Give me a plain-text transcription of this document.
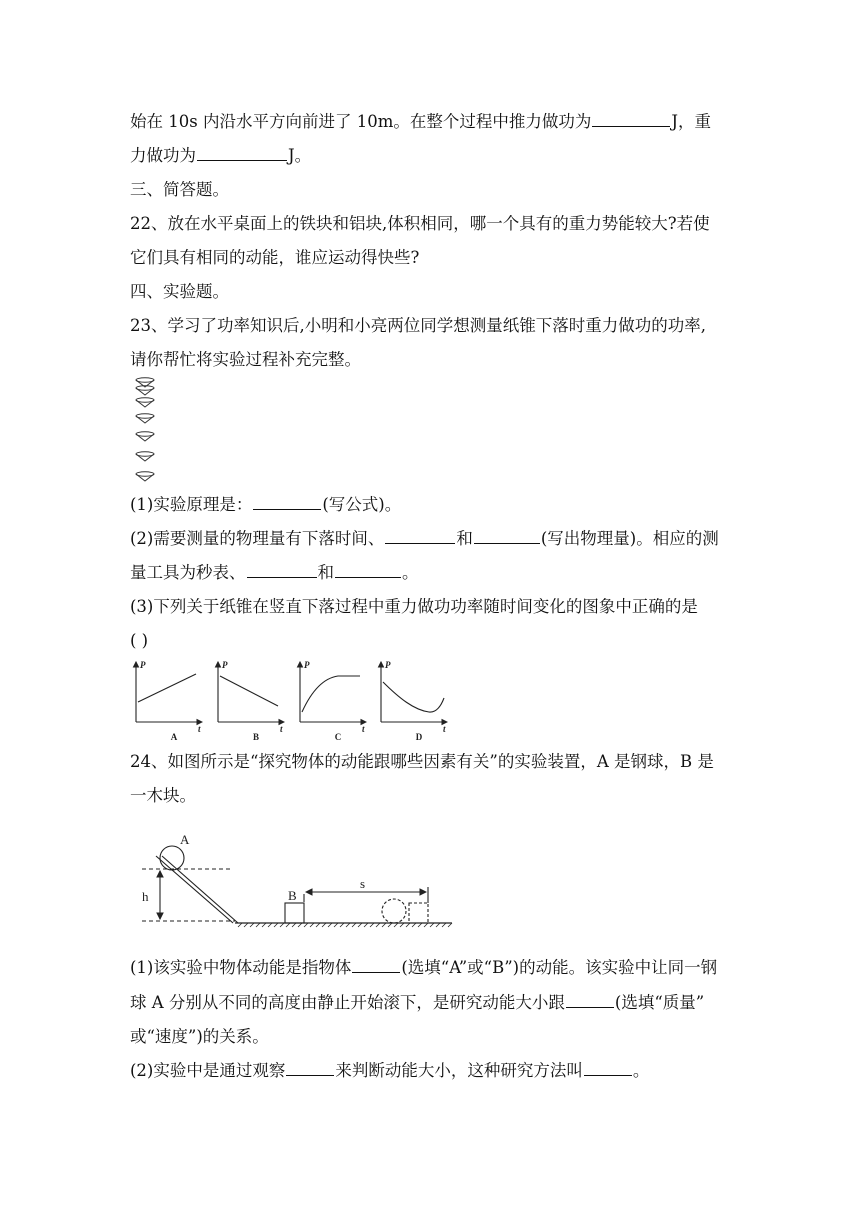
始在 10s 内沿水平方向前进了 10m。在整个过程中推力做功为	J，重
力做功为	J。
三、简答题。
22、放在水平桌面上的铁块和铝块,体积相同，哪一个具有的重力势能较大?若使
它们具有相同的动能，谁应运动得快些?
四、实验题。
23、学习了功率知识后,小明和小亮两位同学想测量纸锥下落时重力做功的功率,
请你帮忙将实验过程补充完整。
(1)实验原理是：	(写公式)。
(2)需要测量的物理量有下落时间、	和	(写出物理量)。相应的测
量工具为秒表、	和	。
(3)下列关于纸锥在竖直下落过程中重力做功功率随时间变化的图象中正确的是
( )
P
t
P
t
P
t
P
t
A	B	C	D
24、如图所示是“探究物体的动能跟哪些因素有关”的实验装置，A 是钢球，B 是
一木块。
A
B
h
s
(1)该实验中物体动能是指物体	(选填“A”或“B”)的动能。该实验中让同一钢
球 A 分别从不同的高度由静止开始滚下，是研究动能大小跟	(选填“质量”
或“速度”)的关系。
(2)实验中是通过观察	来判断动能大小，这种研究方法叫	。
